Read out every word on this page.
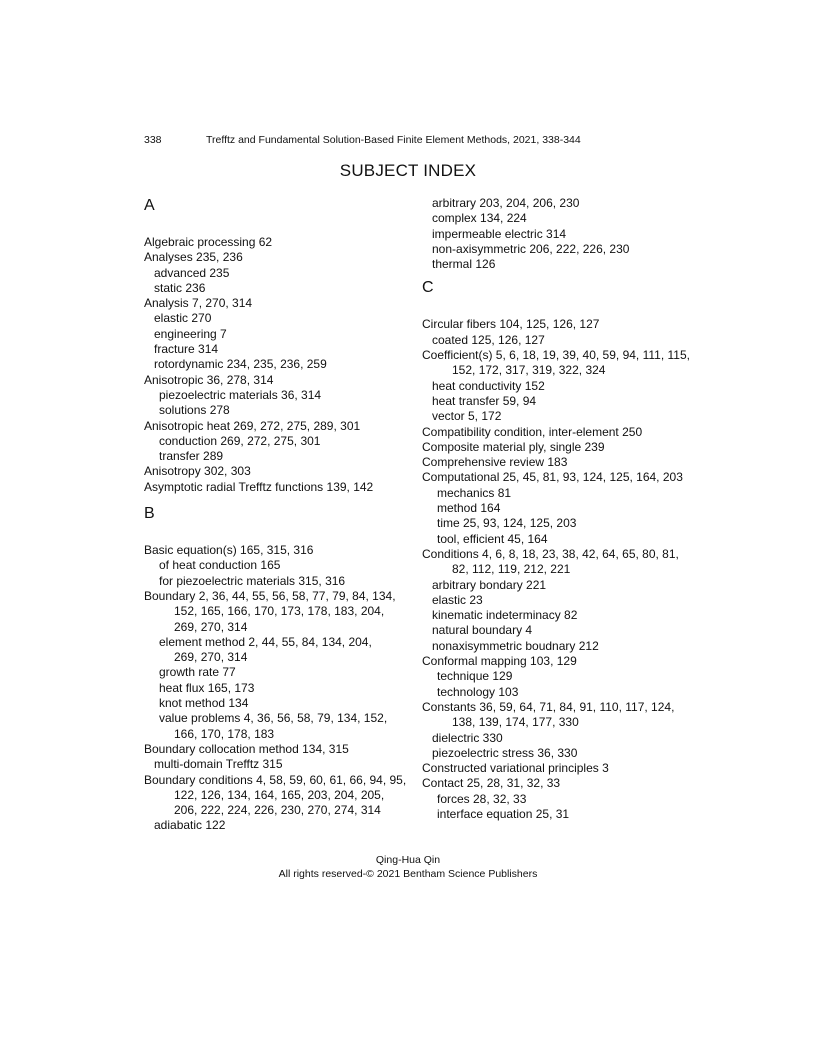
338	Trefftz and Fundamental Solution-Based Finite Element Methods, 2021, 338-344
SUBJECT INDEX
A
Algebraic processing 62
Analyses 235, 236
advanced 235
static 236
Analysis 7, 270, 314
elastic 270
engineering 7
fracture 314
rotordynamic 234, 235, 236, 259
Anisotropic 36, 278, 314
piezoelectric materials 36, 314
solutions 278
Anisotropic heat 269, 272, 275, 289, 301
conduction 269, 272, 275, 301
transfer 289
Anisotropy 302, 303
Asymptotic radial Trefftz functions 139, 142
B
Basic equation(s) 165, 315, 316
of heat conduction 165
for piezoelectric materials 315, 316
Boundary 2, 36, 44, 55, 56, 58, 77, 79, 84, 134, 152, 165, 166, 170, 173, 178, 183, 204, 269, 270, 314
element method 2, 44, 55, 84, 134, 204, 269, 270, 314
growth rate 77
heat flux 165, 173
knot method 134
value problems 4, 36, 56, 58, 79, 134, 152, 166, 170, 178, 183
Boundary collocation method 134, 315
multi-domain Trefftz 315
Boundary conditions 4, 58, 59, 60, 61, 66, 94, 95, 122, 126, 134, 164, 165, 203, 204, 205, 206, 222, 224, 226, 230, 270, 274, 314
adiabatic 122
arbitrary 203, 204, 206, 230
complex 134, 224
impermeable electric 314
non-axisymmetric 206, 222, 226, 230
thermal 126
C
Circular fibers 104, 125, 126, 127
coated 125, 126, 127
Coefficient(s) 5, 6, 18, 19, 39, 40, 59, 94, 111, 115, 152, 172, 317, 319, 322, 324
heat conductivity 152
heat transfer 59, 94
vector 5, 172
Compatibility condition, inter-element 250
Composite material ply, single 239
Comprehensive review 183
Computational 25, 45, 81, 93, 124, 125, 164, 203
mechanics 81
method 164
time 25, 93, 124, 125, 203
tool, efficient 45, 164
Conditions 4, 6, 8, 18, 23, 38, 42, 64, 65, 80, 81, 82, 112, 119, 212, 221
arbitrary bondary 221
elastic 23
kinematic indeterminacy 82
natural boundary 4
nonaxisymmetric boudnary 212
Conformal mapping 103, 129
technique 129
technology 103
Constants 36, 59, 64, 71, 84, 91, 110, 117, 124, 138, 139, 174, 177, 330
dielectric 330
piezoelectric stress 36, 330
Constructed variational principles 3
Contact 25, 28, 31, 32, 33
forces 28, 32, 33
interface equation 25, 31
Qing-Hua Qin
All rights reserved-© 2021 Bentham Science Publishers
